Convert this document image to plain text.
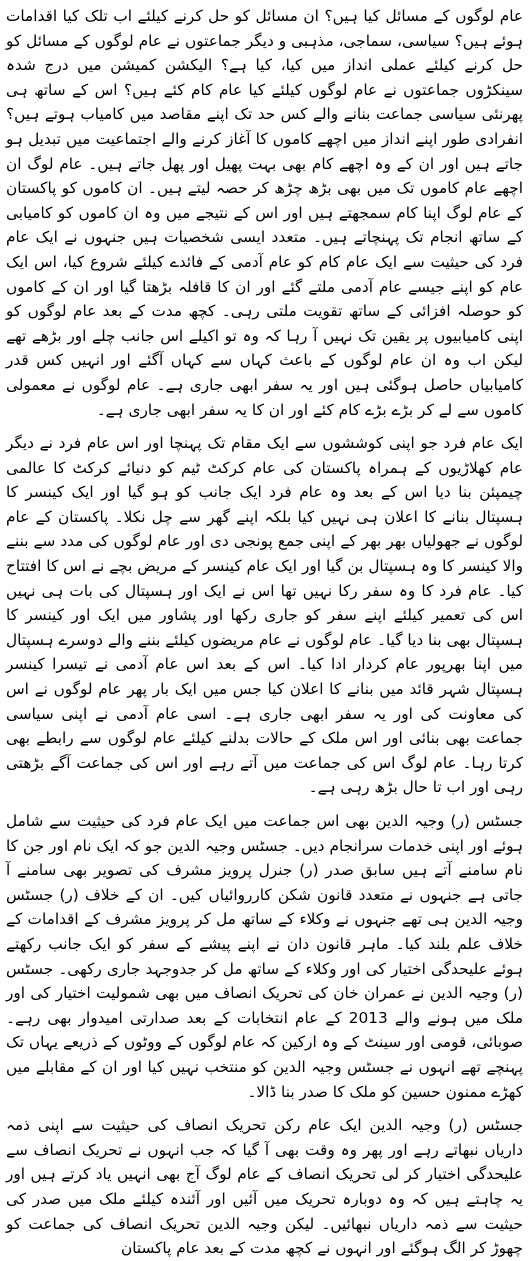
عام لوگوں کے مسائل کیا ہیں؟ ان مسائل کو حل کرنے کیلئے اب تلک کیا اقدامات ہوئے ہیں؟ سیاسی، سماجی، مذہبی و دیگر جماعتوں نے عام لوگوں کے مسائل کو حل کرنے کیلئے عملی انداز میں کیا، کیا ہے؟ الیکشن کمیشن میں درج شدہ سینکڑوں جماعتوں نے عام لوگوں کیلئے کیا عام کام کئے ہیں؟ اس کے ساتھ ہی پھرنئی سیاسی جماعت بنانے والے کس حد تک اپنے مقاصد میں کامیاب ہوتے ہیں؟ انفرادی طور اپنے انداز میں اچھے کاموں کا آغاز کرنے والے اجتماعیت میں تبدیل ہو جاتے ہیں اور ان کے وہ اچھے کام بھی بہت پھیل اور پھل جاتے ہیں۔ عام لوگ ان اچھے عام کاموں تک میں بھی بڑھ چڑھ کر حصہ لیتے ہیں۔ ان کاموں کو پاکستان کے عام لوگ اپنا کام سمجھتے ہیں اور اس کے نتیجے میں وہ ان کاموں کو کامیابی کے ساتھ انجام تک پہنچاتے ہیں۔ متعدد ایسی شخصیات ہیں جنہوں نے ایک عام فرد کی حیثیت سے ایک عام کام کو عام آدمی کے فائدے کیلئے شروع کیا، اس ایک عام کو اپنے جیسے عام آدمی ملتے گئے اور ان کا قافلہ بڑھتا گیا اور ان کے کاموں کو حوصلہ افزائی کے ساتھ تقویت ملتی رہی۔ کچھ مدت کے بعد عام لوگوں کو اپنی کامیابیوں پر یقین تک نہیں آ رہا کہ وہ تو اکیلے اس جانب چلے اور بڑھے تھے لیکن اب وہ ان عام لوگوں کے باعث کہاں سے کہاں آگئے اور انہیں کس قدر کامیابیاں حاصل ہوگئی ہیں اور یہ سفر ابھی جاری ہے۔ عام لوگوں نے معمولی کاموں سے لے کر بڑے بڑے کام کئے اور ان کا یہ سفر ابھی جاری ہے۔

ایک عام فرد جو اپنی کوششوں سے ایک مقام تک پہنچا اور اس عام فرد نے دیگر عام کھلاڑیوں کے ہمراہ پاکستان کی عام کرکٹ ٹیم کو دنیائے کرکٹ کا عالمی چیمپئن بنا دیا اس کے بعد وہ عام فرد ایک جانب کو ہو گیا اور ایک کینسر کا ہسپتال بنانے کا اعلان ہی نہیں کیا بلکہ اپنے گھر سے چل نکلا۔ پاکستان کے عام لوگوں نے جھولیاں بھر بھر کے اپنی جمع پونجی دی اور عام لوگوں کی مدد سے بننے والا کینسر کا وہ ہسپتال بن گیا اور ایک عام کینسر کے مریض بچے نے اس کا افتتاح کیا۔ عام فرد کا وہ سفر رکا نہیں تھا اس نے ایک اور ہسپتال کی بات ہی نہیں اس کی تعمیر کیلئے اپنے سفر کو جاری رکھا اور پشاور میں ایک اور کینسر کا ہسپتال بھی بنا دیا گیا۔ عام لوگوں نے عام مریضوں کیلئے بننے والے دوسرے ہسپتال میں اپنا بھرپور عام کردار ادا کیا۔ اس کے بعد اس عام آدمی نے تیسرا کینسر ہسپتال شہر قائد میں بنانے کا اعلان کیا جس میں ایک بار پھر عام لوگوں نے اس کی معاونت کی اور یہ سفر ابھی جاری ہے۔ اسی عام آدمی نے اپنی سیاسی جماعت بھی بنائی اور اس ملک کے حالات بدلنے کیلئے عام لوگوں سے رابطے بھی کرتا رہا۔ عام لوگ اس کی جماعت میں آتے رہے اور اس کی جماعت آگے بڑھتی رہی اور اب تا حال بڑھ رہی ہے۔

جسٹس (ر) وجیہ الدین بھی اس جماعت میں ایک عام فرد کی حیثیت سے شامل ہوئے اور اپنی خدمات سرانجام دیں۔ جسٹس وجیہ الدین جو کہ ایک نام اور جن کا نام سامنے آتے ہیں سابق صدر (ر) جنرل پرویز مشرف کی تصویر بھی سامنے آ جاتی ہے جنہوں نے متعدد قانون شکن کارروائیاں کیں۔ ان کے خلاف (ر) جسٹس وجیہ الدین ہی تھے جنہوں نے وکلاء کے ساتھ مل کر پرویز مشرف کے اقدامات کے خلاف علم بلند کیا۔ ماہر قانون دان نے اپنے پیشے کے سفر کو ایک جانب رکھتے ہوئے علیحدگی اختیار کی اور وکلاء کے ساتھ مل کر جدوجہد جاری رکھی۔ جسٹس (ر) وجیہ الدین نے عمران خان کی تحریک انصاف میں بھی شمولیت اختیار کی اور ملک میں ہونے والے 2013 کے عام انتخابات کے بعد صدارتی امیدوار بھی رہے۔ صوبائی، قومی اور سینٹ کے وہ ارکین کہ عام لوگوں کے ووٹوں کے ذریعے یہاں تک پہنچے تھے انہوں نے جسٹس وجیہ الدین کو منتخب نہیں کیا اور ان کے مقابلے میں کھڑے ممنون حسین کو ملک کا صدر بنا ڈالا۔

جسٹس (ر) وجیہ الدین ایک عام رکن تحریک انصاف کی حیثیت سے اپنی ذمہ داریاں نبھاتے رہے اور پھر وہ وقت بھی آ گیا کہ جب انہوں نے تحریک انصاف سے علیحدگی اختیار کر لی تحریک انصاف کے عام لوگ آج بھی انہیں یاد کرتے ہیں اور یہ چاہتے ہیں کہ وہ دوبارہ تحریک میں آئیں اور آئندہ کیلئے ملک میں صدر کی حیثیت سے ذمہ داریاں نبھائیں۔ لیکن وجیہ الدین تحریک انصاف کی جماعت کو چھوڑ کر الگ ہوگئے اور انہوں نے کچھ مدت کے بعد عام پاکستان
